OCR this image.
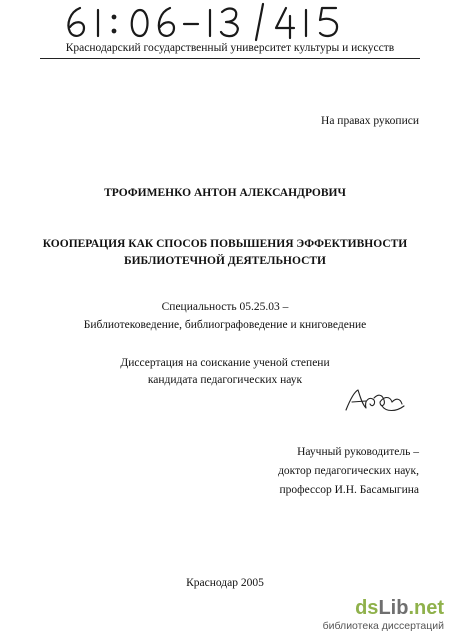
Краснодарский государственный университет культуры и искусств
На правах рукописи
ТРОФИМЕНКО АНТОН АЛЕКСАНДРОВИЧ
КООПЕРАЦИЯ КАК СПОСОБ ПОВЫШЕНИЯ ЭФФЕКТИВНОСТИ
БИБЛИОТЕЧНОЙ ДЕЯТЕЛЬНОСТИ
Специальность 05.25.03 –
Библиотековедение, библиографоведение и книговедение
Диссертация на соискание ученой степени
кандидата педагогических наук
Научный руководитель –
доктор педагогических наук,
профессор И.Н. Басамыгина
Краснодар 2005
dsLib.net
библиотека диссертаций
